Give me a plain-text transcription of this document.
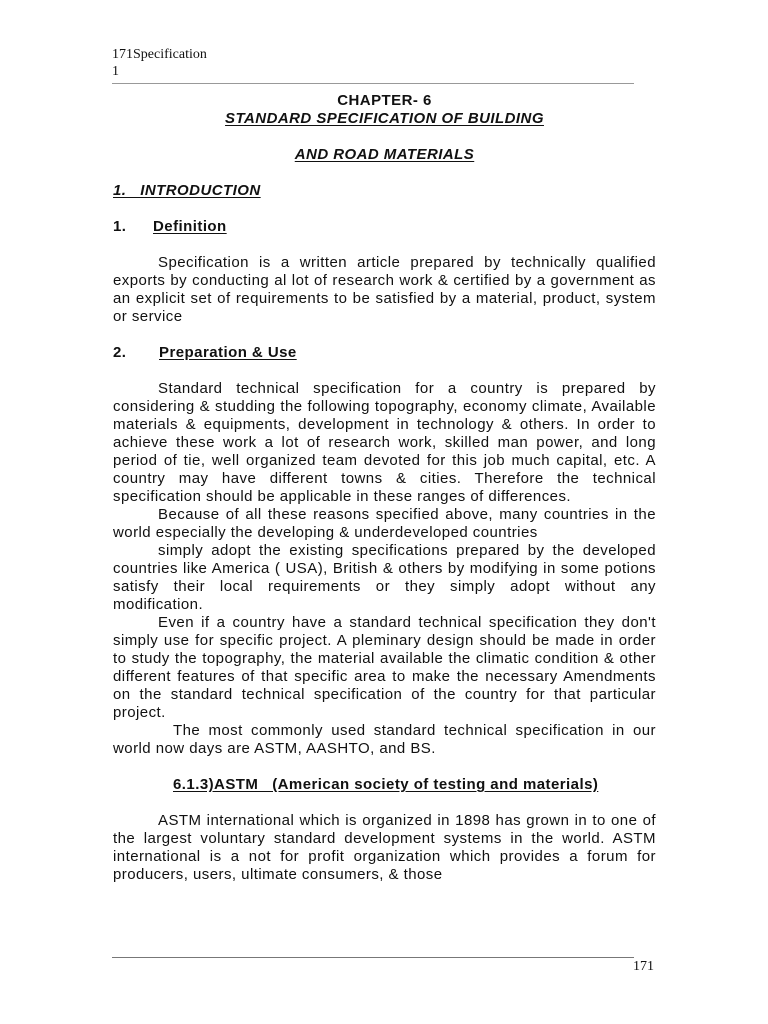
171Specification
1
CHAPTER- 6
STANDARD SPECIFICATION OF BUILDING
AND ROAD MATERIALS
1.   INTRODUCTION
1.	Definition

Specification is a written article prepared by technically qualified exports by conducting al lot of research work & certified by a government as an explicit set of requirements to be satisfied by a material, product, system or service

2.	Preparation & Use

Standard technical specification for a country is prepared by considering & studding the following topography, economy climate, Available materials & equipments, development in technology & others. In order to achieve these work a lot of research work, skilled man power, and long period of tie, well organized team devoted for this job much capital, etc. A country may have different towns & cities. Therefore the technical specification should be applicable in these ranges of differences.

Because of all these reasons specified above, many countries in the world especially the developing & underdeveloped countries

simply adopt the existing specifications prepared by the developed countries like America ( USA), British & others by modifying in some potions satisfy their local requirements or they simply adopt without any modification.

Even if a country have a standard technical specification they don't simply use for specific project. A pleminary design should be made in order to study the topography, the material available the climatic condition & other different features of that specific area to make the necessary Amendments on the standard technical specification of the country for that particular project.

The most commonly used standard technical specification in our world now days are ASTM, AASHTO, and BS.

6.1.3)ASTM   (American society of testing and materials)

ASTM international which is organized in 1898 has grown in to one of the largest voluntary standard development systems in the world. ASTM international is a not for profit organization which provides a forum for producers, users, ultimate consumers, & those

171
